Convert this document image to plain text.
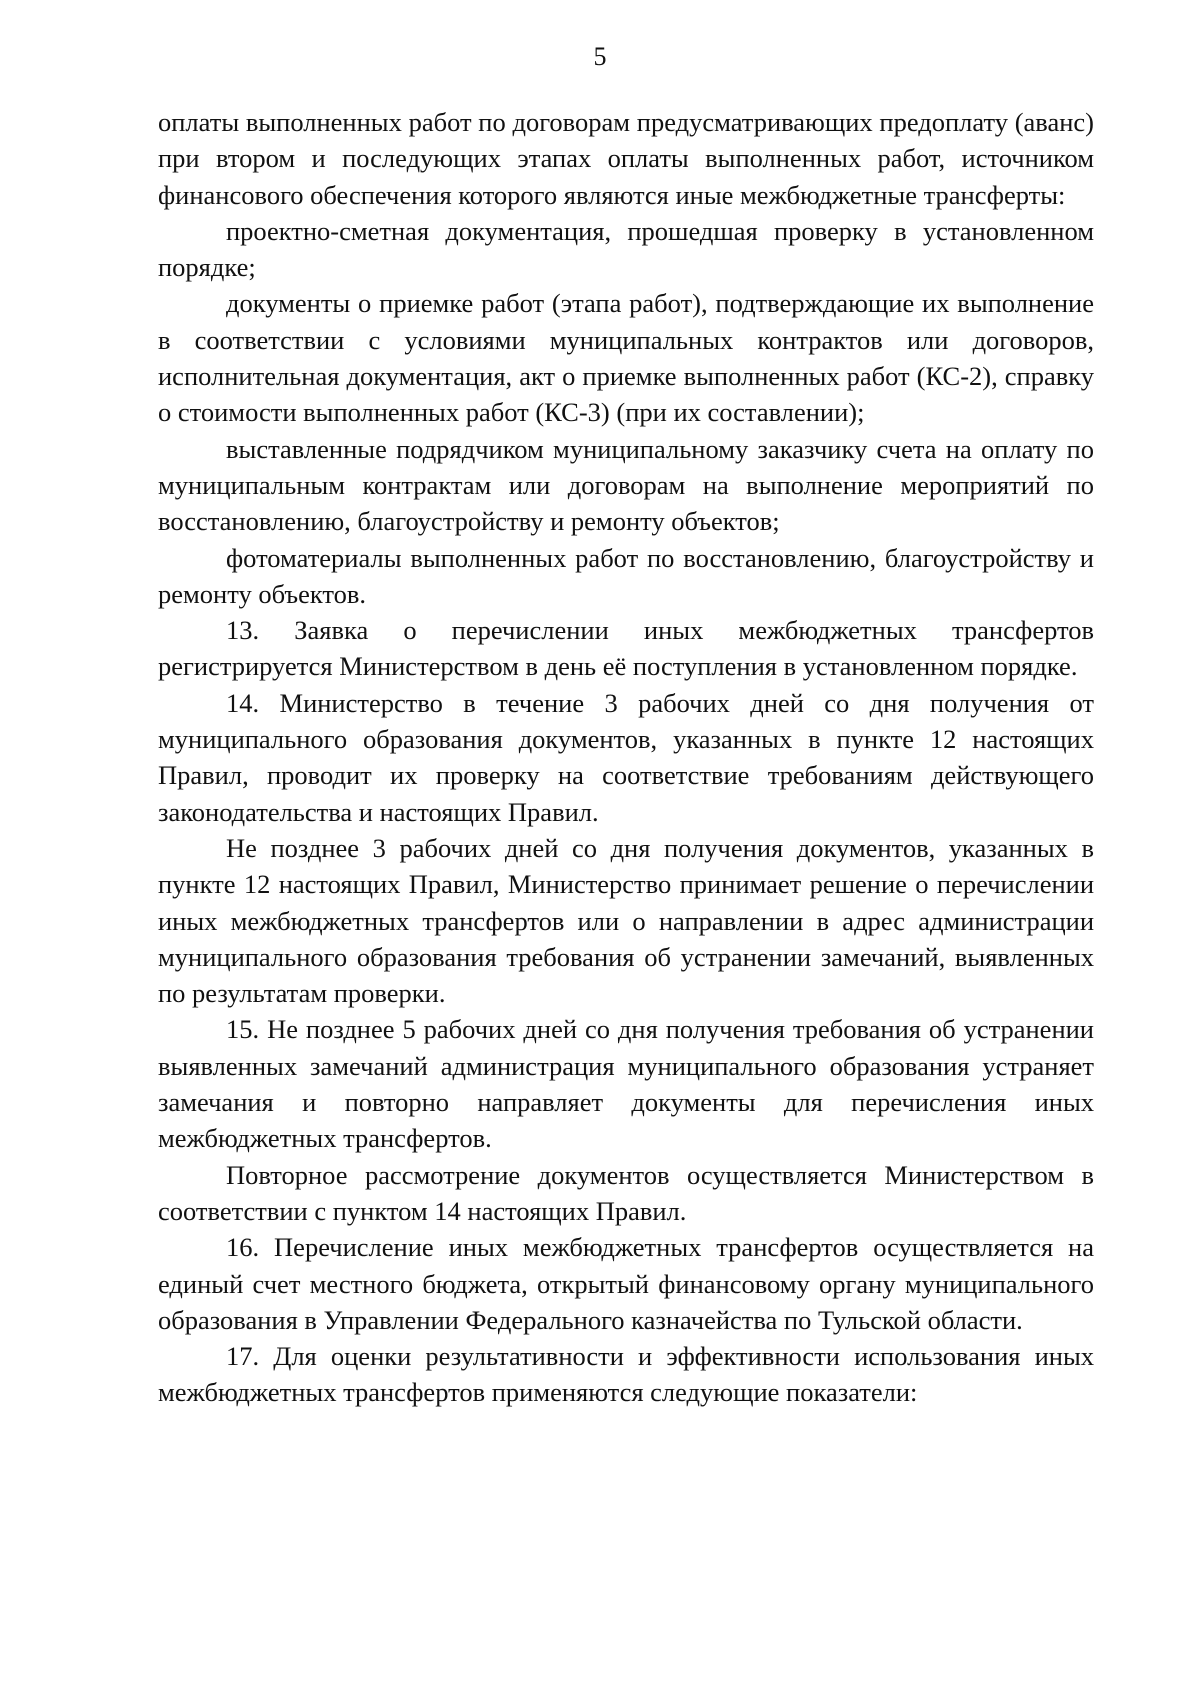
5

оплаты выполненных работ по договорам предусматривающих предоплату (аванс) при втором и последующих этапах оплаты выполненных работ, источником финансового обеспечения которого являются иные межбюджетные трансферты:

проектно-сметная документация, прошедшая проверку в установленном порядке;

документы о приемке работ (этапа работ), подтверждающие их выполнение в соответствии с условиями муниципальных контрактов или договоров, исполнительная документация, акт о приемке выполненных работ (КС-2), справку о стоимости выполненных работ (КС-3) (при их составлении);

выставленные подрядчиком муниципальному заказчику счета на оплату по муниципальным контрактам или договорам на выполнение мероприятий по восстановлению, благоустройству и ремонту объектов;

фотоматериалы выполненных работ по восстановлению, благоустройству и ремонту объектов.

13. Заявка о перечислении иных межбюджетных трансфертов регистрируется Министерством в день её поступления в установленном порядке.

14. Министерство в течение 3 рабочих дней со дня получения от муниципального образования документов, указанных в пункте 12 настоящих Правил, проводит их проверку на соответствие требованиям действующего законодательства и настоящих Правил.

Не позднее 3 рабочих дней со дня получения документов, указанных в пункте 12 настоящих Правил, Министерство принимает решение о перечислении иных межбюджетных трансфертов или о направлении в адрес администрации муниципального образования требования об устранении замечаний, выявленных по результатам проверки.

15. Не позднее 5 рабочих дней со дня получения требования об устранении выявленных замечаний администрация муниципального образования устраняет замечания и повторно направляет документы для перечисления иных межбюджетных трансфертов.

Повторное рассмотрение документов осуществляется Министерством в соответствии с пунктом 14 настоящих Правил.

16. Перечисление иных межбюджетных трансфертов осуществляется на единый счет местного бюджета, открытый финансовому органу муниципального образования в Управлении Федерального казначейства по Тульской области.

17. Для оценки результативности и эффективности использования иных межбюджетных трансфертов применяются следующие показатели:
